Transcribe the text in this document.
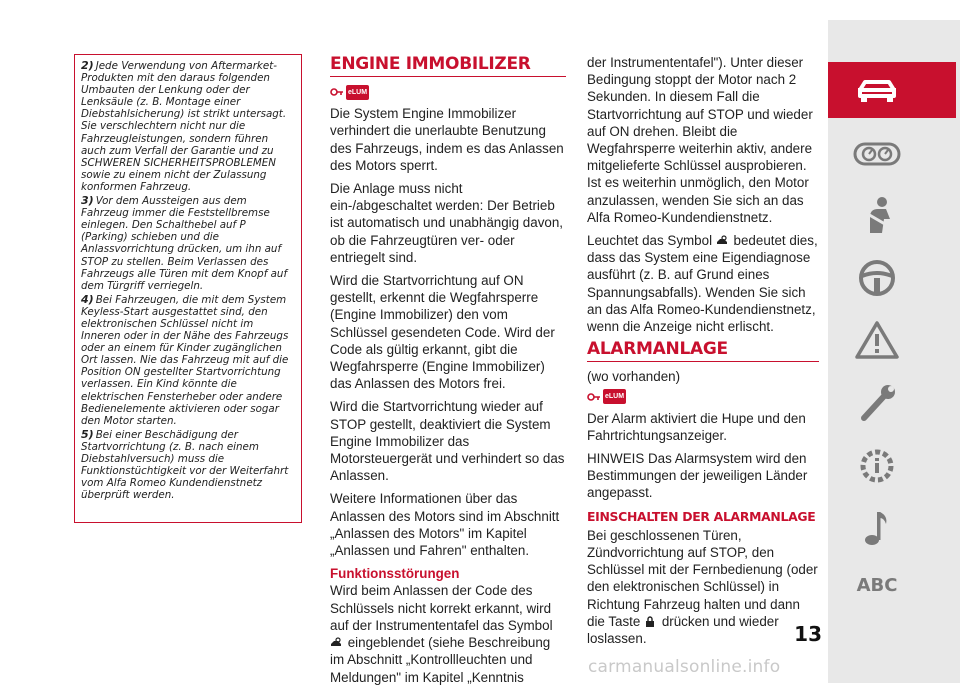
2) Jede Verwendung von Aftermarket-Produkten mit den daraus folgenden Umbauten der Lenkung oder der Lenksäule (z. B. Montage einer Diebstahlsicherung) ist strikt untersagt. Sie verschlechtern nicht nur die Fahrzeugleistungen, sondern führen auch zum Verfall der Garantie und zu SCHWEREN SICHERHEITSPROBLEMEN sowie zu einem nicht der Zulassung konformen Fahrzeug.

3) Vor dem Aussteigen aus dem Fahrzeug immer die Feststellbremse einlegen. Den Schalthebel auf P (Parking) schieben und die Anlassvorrichtung drücken, um ihn auf STOP zu stellen. Beim Verlassen des Fahrzeugs alle Türen mit dem Knopf auf dem Türgriff verriegeln.

4) Bei Fahrzeugen, die mit dem System Keyless-Start ausgestattet sind, den elektronischen Schlüssel nicht im Inneren oder in der Nähe des Fahrzeugs oder an einem für Kinder zugänglichen Ort lassen. Nie das Fahrzeug mit auf die Position ON gestellter Startvorrichtung verlassen. Ein Kind könnte die elektrischen Fensterheber oder andere Bedienelemente aktivieren oder sogar den Motor starten.

5) Bei einer Beschädigung der Startvorrichtung (z. B. nach einem Diebstahlversuch) muss die Funktionstüchtigkeit vor der Weiterfahrt vom Alfa Romeo Kundendienstnetz überprüft werden.

ENGINE IMMOBILIZER
eLUM

Die System Engine Immobilizer verhindert die unerlaubte Benutzung des Fahrzeugs, indem es das Anlassen des Motors sperrt.

Die Anlage muss nicht ein-/abgeschaltet werden: Der Betrieb ist automatisch und unabhängig davon, ob die Fahrzeugtüren ver- oder entriegelt sind.

Wird die Startvorrichtung auf ON gestellt, erkennt die Wegfahrsperre (Engine Immobilizer) den vom Schlüssel gesendeten Code. Wird der Code als gültig erkannt, gibt die Wegfahrsperre (Engine Immobilizer) das Anlassen des Motors frei.

Wird die Startvorrichtung wieder auf STOP gestellt, deaktiviert die System Engine Immobilizer das Motorsteuergerät und verhindert so das Anlassen.

Weitere Informationen über das Anlassen des Motors sind im Abschnitt „Anlassen des Motors" im Kapitel „Anlassen und Fahren" enthalten.

Funktionsstörungen

Wird beim Anlassen der Code des Schlüssels nicht korrekt erkannt, wird auf der Instrumententafel das Symbol  eingeblendet (siehe Beschreibung im Abschnitt „Kontrollleuchten und Meldungen" im Kapitel „Kenntnis

der Instrumententafel"). Unter dieser Bedingung stoppt der Motor nach 2 Sekunden. In diesem Fall die Startvorrichtung auf STOP und wieder auf ON drehen. Bleibt die Wegfahrsperre weiterhin aktiv, andere mitgelieferte Schlüssel ausprobieren. Ist es weiterhin unmöglich, den Motor anzulassen, wenden Sie sich an das Alfa Romeo-Kundendienstnetz.

Leuchtet das Symbol bedeutet dies, dass das System eine Eigendiagnose ausführt (z. B. auf Grund eines Spannungsabfalls). Wenden Sie sich an das Alfa Romeo-Kundendienstnetz, wenn die Anzeige nicht erlischt.

ALARMANLAGE

(wo vorhanden)

eLUM

Der Alarm aktiviert die Hupe und den Fahrtrichtungsanzeiger.

HINWEIS Das Alarmsystem wird den Bestimmungen der jeweiligen Länder angepasst.

EINSCHALTEN DER ALARMANLAGE

Bei geschlossenen Türen, Zündvorrichtung auf STOP, den Schlüssel mit der Fernbedienung (oder den elektronischen Schlüssel) in Richtung Fahrzeug halten und dann die Taste drücken und wieder loslassen.

ABC
13
carmanualsonline.info
